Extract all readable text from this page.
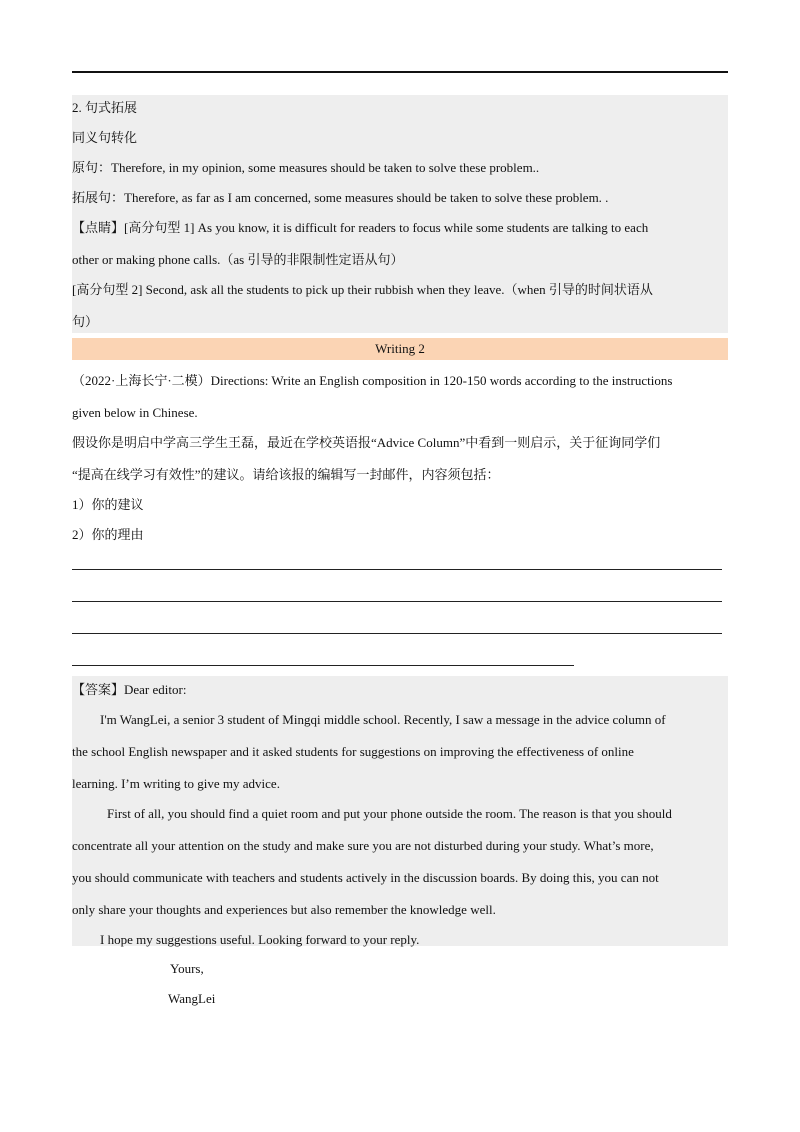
2. 句式拓展
同义句转化
原句：Therefore, in my opinion, some measures should be taken to solve these problem..
拓展句：Therefore, as far as I am concerned, some measures should be taken to solve these problem. .
【点睛】[高分句型 1] As you know, it is difficult for readers to focus while some students are talking to each
other or making phone calls.（as 引导的非限制性定语从句）
[高分句型 2] Second, ask all the students to pick up their rubbish when they leave.（when 引导的时间状语从
句）
Writing 2
（2022·上海长宁·二模）Directions: Write an English composition in 120-150 words according to the instructions
given below in Chinese.
假设你是明启中学高三学生王磊，最近在学校英语报“Advice Column”中看到一则启示，关于征询同学们
“提高在线学习有效性”的建议。请给该报的编辑写一封邮件，内容须包括：
1）你的建议
2）你的理由
【答案】Dear editor:
I'm WangLei, a senior 3 student of Mingqi middle school. Recently, I saw a message in the advice column of
the school English newspaper and it asked students for suggestions on improving the effectiveness of online
learning. I’m writing to give my advice.
First of all, you should find a quiet room and put your phone outside the room. The reason is that you should
concentrate all your attention on the study and make sure you are not disturbed during your study. What’s more,
you should communicate with teachers and students actively in the discussion boards. By doing this, you can not
only share your thoughts and experiences but also remember the knowledge well.
I hope my suggestions useful. Looking forward to your reply.
Yours,
WangLei
